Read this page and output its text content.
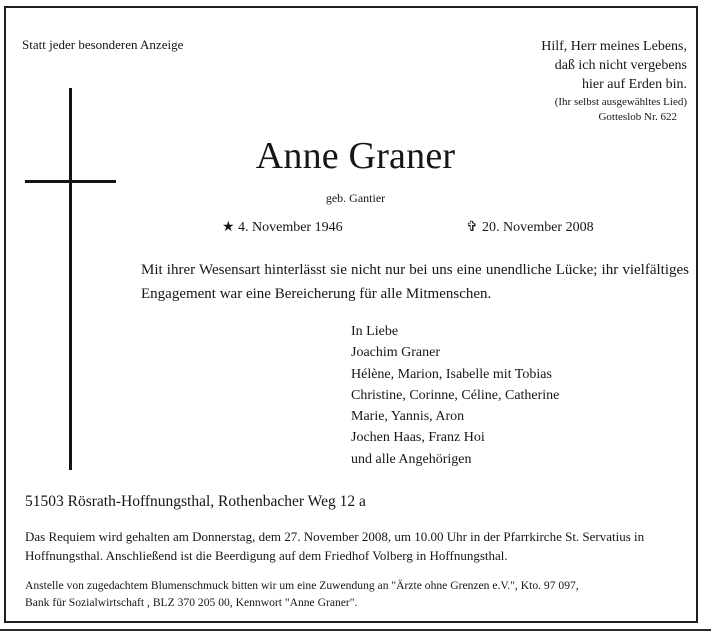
Statt jeder besonderen Anzeige	Hilf, Herr meines Lebens,
daß ich nicht vergebens
hier auf Erden bin.
(Ihr selbst ausgewähltes Lied)
Gotteslob Nr. 622
Anne Graner
geb. Gantier
★ 4. November 1946	✞ 20. November 2008
Mit ihrer Wesensart hinterlässt sie nicht nur bei uns eine unendliche Lücke; ihr vielfältiges Engagement war eine Bereicherung für alle Mitmenschen.
In Liebe
Joachim Graner
Hélène, Marion, Isabelle mit Tobias
Christine, Corinne, Céline, Catherine
Marie, Yannis, Aron
Jochen Haas, Franz Hoi
und alle Angehörigen
51503 Rösrath-Hoffnungsthal, Rothenbacher Weg 12 a
Das Requiem wird gehalten am Donnerstag, dem 27. November 2008, um 10.00 Uhr in der Pfarrkirche St. Servatius in Hoffnungsthal. Anschließend ist die Beerdigung auf dem Friedhof Volberg in Hoffnungsthal.
Anstelle von zugedachtem Blumenschmuck bitten wir um eine Zuwendung an "Ärzte ohne Grenzen e.V.", Kto. 97 097,
Bank für Sozialwirtschaft , BLZ 370 205 00, Kennwort "Anne Graner".
